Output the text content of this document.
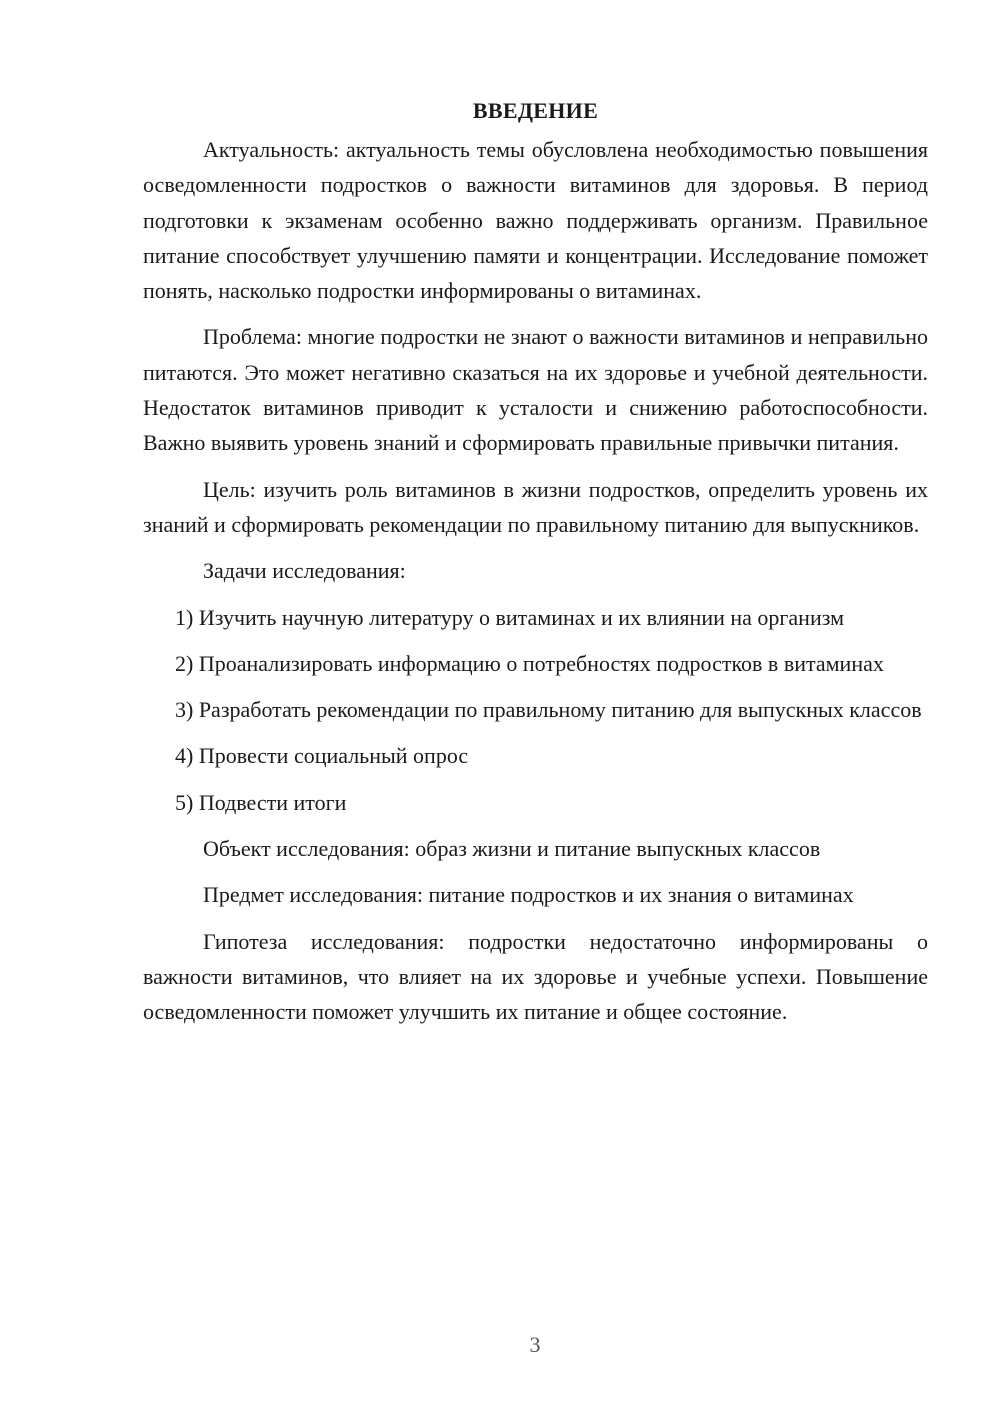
ВВЕДЕНИЕ

Актуальность: актуальность темы обусловлена необходимостью повышения осведомленности подростков о важности витаминов для здоровья. В период подготовки к экзаменам особенно важно поддерживать организм. Правильное питание способствует улучшению памяти и концентрации. Исследование поможет понять, насколько подростки информированы о витаминах.

Проблема: многие подростки не знают о важности витаминов и неправильно питаются. Это может негативно сказаться на их здоровье и учебной деятельности. Недостаток витаминов приводит к усталости и снижению работоспособности. Важно выявить уровень знаний и сформировать правильные привычки питания.

Цель: изучить роль витаминов в жизни подростков, определить уровень их знаний и сформировать рекомендации по правильному питанию для выпускников.

Задачи исследования:

1) Изучить научную литературу о витаминах и их влиянии на организм

2) Проанализировать информацию о потребностях подростков в витаминах

3) Разработать рекомендации по правильному питанию для выпускных классов

4) Провести социальный опрос

5) Подвести итоги

Объект исследования: образ жизни и питание выпускных классов

Предмет исследования: питание подростков и их знания о витаминах

Гипотеза исследования: подростки недостаточно информированы о важности витаминов, что влияет на их здоровье и учебные успехи. Повышение осведомленности поможет улучшить их питание и общее состояние.

3
